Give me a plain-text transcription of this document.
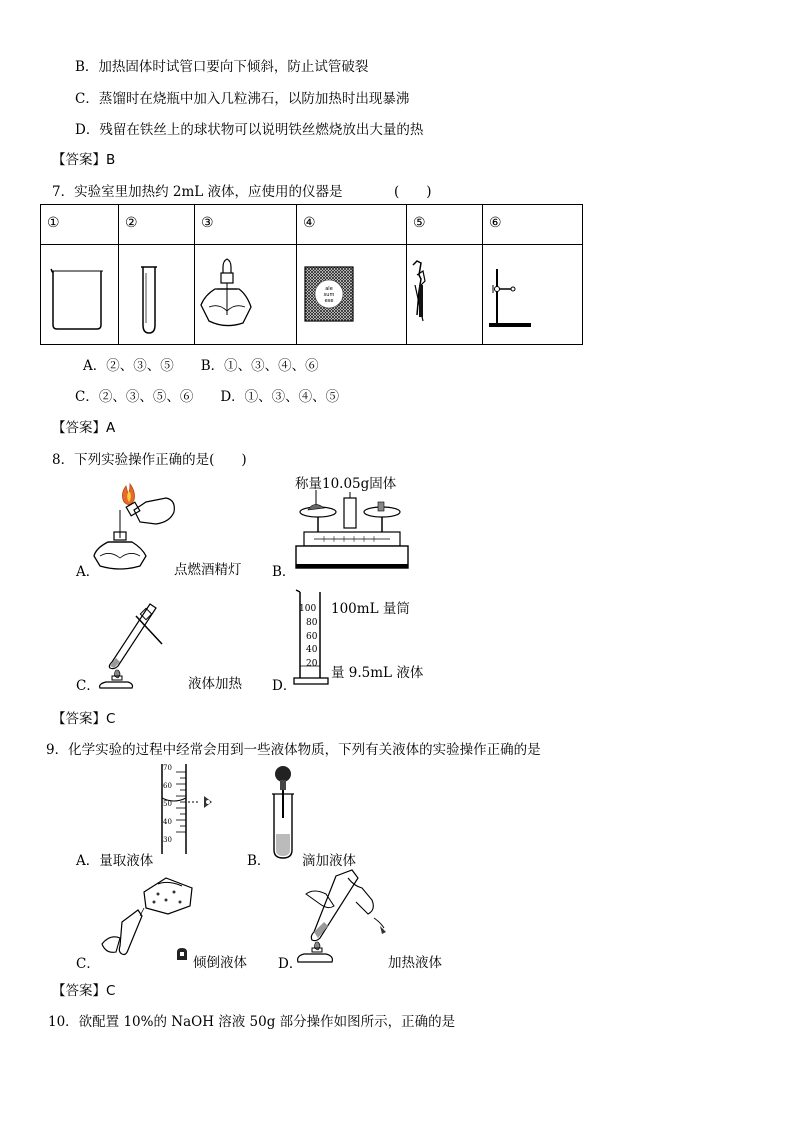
B．加热固体时试管口要向下倾斜，防止试管破裂
C．蒸馏时在烧瓶中加入几粒沸石，以防加热时出现暴沸
D．残留在铁丝上的球状物可以说明铁丝燃烧放出大量的热
【答案】B
7．实验室里加热约 2mL 液体，应使用的仪器是	(　　)
①	②	③	④	⑤	⑥

ale
sum
exe

A．②、③、⑤　　B．①、③、④、⑥
C．②、③、⑤、⑥　　D．①、③、④、⑤
【答案】A
8．下列实验操作正确的是(　　)
A．	点燃酒精灯
称量10.05g固体
B．
C．	液体加热
100
80
60
40
20
100mL 量筒
量 9.5mL 液体
D．
【答案】C
9．化学实验的过程中经常会用到一些液体物质，下列有关液体的实验操作正确的是
70
60
50
40
30
A．量取液体	B． 滴加液体
C．	倾倒液体 D．	加热液体
【答案】C
10．欲配置 10%的 NaOH 溶液 50g 部分操作如图所示，正确的是
